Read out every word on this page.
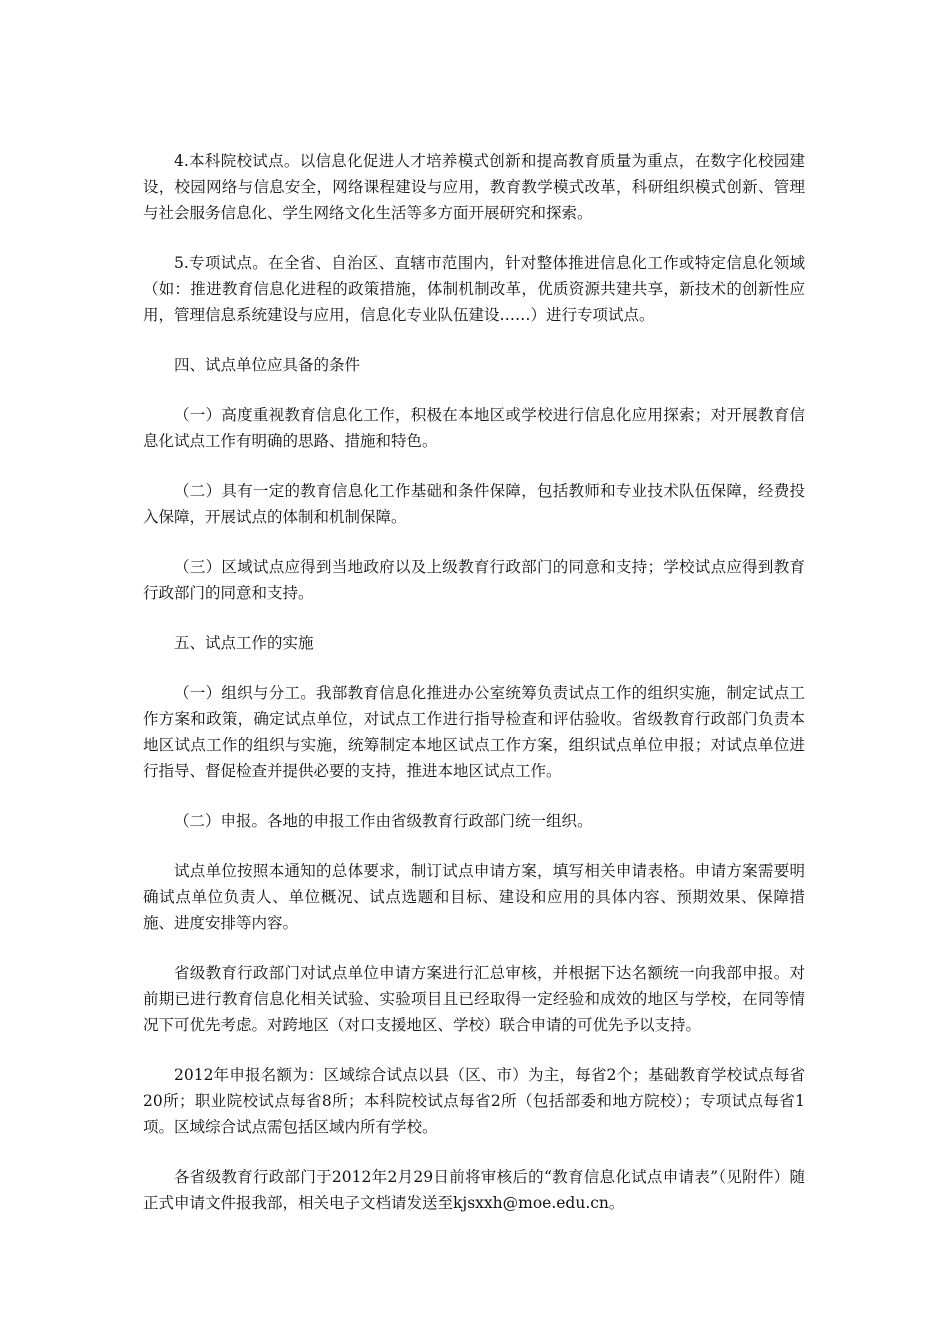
4.本科院校试点。以信息化促进人才培养模式创新和提高教育质量为重点，在数字化校园建设，校园网络与信息安全，网络课程建设与应用，教育教学模式改革，科研组织模式创新、管理与社会服务信息化、学生网络文化生活等多方面开展研究和探索。

5.专项试点。在全省、自治区、直辖市范围内，针对整体推进信息化工作或特定信息化领域（如：推进教育信息化进程的政策措施，体制机制改革，优质资源共建共享，新技术的创新性应用，管理信息系统建设与应用，信息化专业队伍建设……）进行专项试点。

四、试点单位应具备的条件

（一）高度重视教育信息化工作，积极在本地区或学校进行信息化应用探索；对开展教育信息化试点工作有明确的思路、措施和特色。

（二）具有一定的教育信息化工作基础和条件保障，包括教师和专业技术队伍保障，经费投入保障，开展试点的体制和机制保障。

（三）区域试点应得到当地政府以及上级教育行政部门的同意和支持；学校试点应得到教育行政部门的同意和支持。

五、试点工作的实施

（一）组织与分工。我部教育信息化推进办公室统筹负责试点工作的组织实施，制定试点工作方案和政策，确定试点单位，对试点工作进行指导检查和评估验收。省级教育行政部门负责本地区试点工作的组织与实施，统筹制定本地区试点工作方案，组织试点单位申报；对试点单位进行指导、督促检查并提供必要的支持，推进本地区试点工作。

（二）申报。各地的申报工作由省级教育行政部门统一组织。

试点单位按照本通知的总体要求，制订试点申请方案，填写相关申请表格。申请方案需要明确试点单位负责人、单位概况、试点选题和目标、建设和应用的具体内容、预期效果、保障措施、进度安排等内容。

省级教育行政部门对试点单位申请方案进行汇总审核，并根据下达名额统一向我部申报。对前期已进行教育信息化相关试验、实验项目且已经取得一定经验和成效的地区与学校，在同等情况下可优先考虑。对跨地区（对口支援地区、学校）联合申请的可优先予以支持。

2012年申报名额为：区域综合试点以县（区、市）为主，每省2个；基础教育学校试点每省20所；职业院校试点每省8所；本科院校试点每省2所（包括部委和地方院校）；专项试点每省1项。区域综合试点需包括区域内所有学校。

各省级教育行政部门于2012年2月29日前将审核后的“教育信息化试点申请表”（见附件）随正式申请文件报我部，相关电子文档请发送至kjsxxh@moe.edu.cn。
